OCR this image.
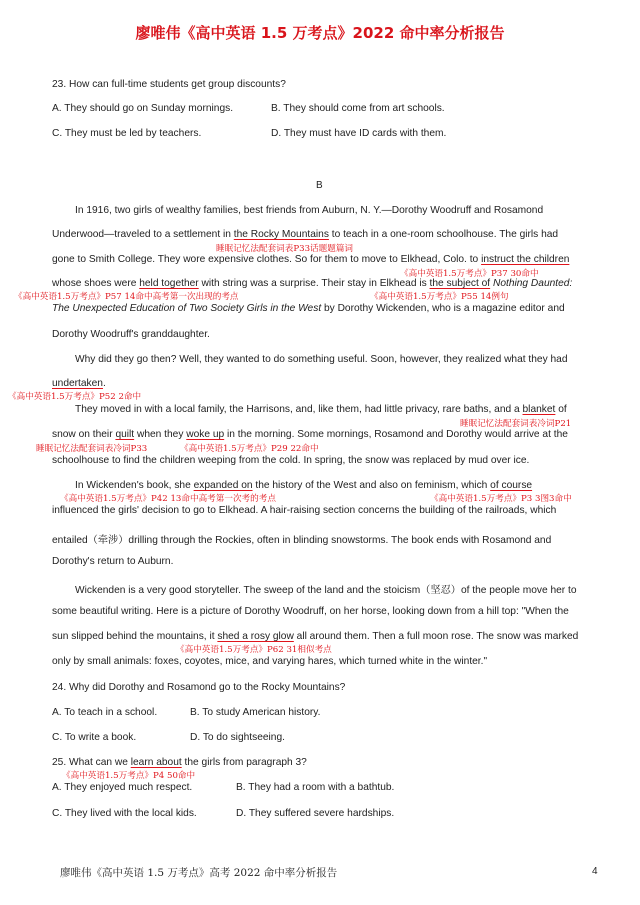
廖唯伟《高中英语 1.5 万考点》2022 命中率分析报告
23. How can full-time students get group discounts?
A. They should go on Sunday mornings.	B. They should come from art schools.
C. They must be led by teachers.	D. They must have ID cards with them.
B
In 1916, two girls of wealthy families, best friends from Auburn, N. Y.—Dorothy Woodruff and Rosamond
Underwood—traveled to a settlement in the Rocky Mountains to teach in a one-room schoolhouse. The girls had
睡眠记忆法配套词表P33话题题篇词
gone to Smith College. They wore expensive clothes. So for them to move to Elkhead, Colo. to instruct the children
《高中英语1.5万考点》P37 30命中
whose shoes were held together with string was a surprise. Their stay in Elkhead is the subject of Nothing Daunted:
《高中英语1.5万考点》P57 14命中高考第一次出现的考点	《高中英语1.5万考点》P55 14例句
The Unexpected Education of Two Society Girls in the West by Dorothy Wickenden, who is a magazine editor and
Dorothy Woodruff's granddaughter.
Why did they go then? Well, they wanted to do something useful. Soon, however, they realized what they had
undertaken.
《高中英语1.5万考点》P52 2命中
They moved in with a local family, the Harrisons, and, like them, had little privacy, rare baths, and a blanket of
睡眠记忆法配套词表冷词P21
snow on their quilt when they woke up in the morning. Some mornings, Rosamond and Dorothy would arrive at the
睡眠记忆法配套词表冷词P33	《高中英语1.5万考点》P29 22命中
schoolhouse to find the children weeping from the cold. In spring, the snow was replaced by mud over ice.
In Wickenden's book, she expanded on the history of the West and also on feminism, which of course
《高中英语1.5万考点》P42 13命中高考第一次考的考点	《高中英语1.5万考点》P3 3图3命中
influenced the girls' decision to go to Elkhead. A hair-raising section concerns the building of the railroads, which
entailed（牵涉）drilling through the Rockies, often in blinding snowstorms. The book ends with Rosamond and
Dorothy's return to Auburn.
Wickenden is a very good storyteller. The sweep of the land and the stoicism（坚忍）of the people move her to
some beautiful writing. Here is a picture of Dorothy Woodruff, on her horse, looking down from a hill top: "When the
sun slipped behind the mountains, it shed a rosy glow all around them. Then a full moon rose. The snow was marked
《高中英语1.5万考点》P62 31相似考点
only by small animals: foxes, coyotes, mice, and varying hares, which turned white in the winter."
24. Why did Dorothy and Rosamond go to the Rocky Mountains?
A. To teach in a school.	B. To study American history.
C. To write a book.	D. To do sightseeing.
25. What can we learn about the girls from paragraph 3?
《高中英语1.5万考点》P4 50命中
A. They enjoyed much respect.	B. They had a room with a bathtub.
C. They lived with the local kids.	D. They suffered severe hardships.
廖唯伟《高中英语 1.5 万考点》高考 2022 命中率分析报告	4
